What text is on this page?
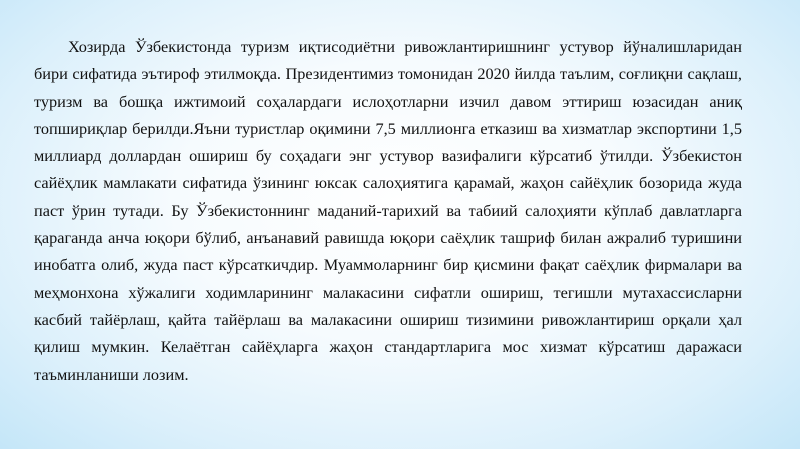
Хозирда Ўзбекистонда туризм иқтисодиётни ривожлантиришнинг устувор йўналишларидан бири сифатида эътироф этилмоқда. Президентимиз томонидан 2020 йилда таълим, соғлиқни сақлаш, туризм ва бошқа ижтимоий соҳалардаги ислоҳотларни изчил давом эттириш юзасидан аниқ топшириқлар берилди.Яъни туристлар оқимини 7,5 миллионга етказиш ва хизматлар экспортини 1,5 миллиард доллардан ошириш бу соҳадаги энг устувор вазифалиги кўрсатиб ўтилди. Ўзбекистон сайёҳлик мамлакати сифатида ўзининг юксак салоҳиятига қарамай, жаҳон сайёҳлик бозорида жуда паст ўрин тутади. Бу Ўзбекистоннинг маданий-тарихий ва табиий салоҳияти кўплаб давлатларга қараганда анча юқори бўлиб, анъанавий равишда юқори саёҳлик ташриф билан ажралиб туришини инобатга олиб, жуда паст кўрсаткичдир. Муаммоларнинг бир қисмини фақат саёҳлик фирмалари ва меҳмонхона хўжалиги ходимларининг малакасини сифатли ошириш, тегишли мутахассисларни касбий тайёрлаш, қайта тайёрлаш ва малакасини ошириш тизимини ривожлантириш орқали ҳал қилиш мумкин. Келаётган сайёҳларга жаҳон стандартларига мос хизмат кўрсатиш даражаси таъминланиши лозим.
